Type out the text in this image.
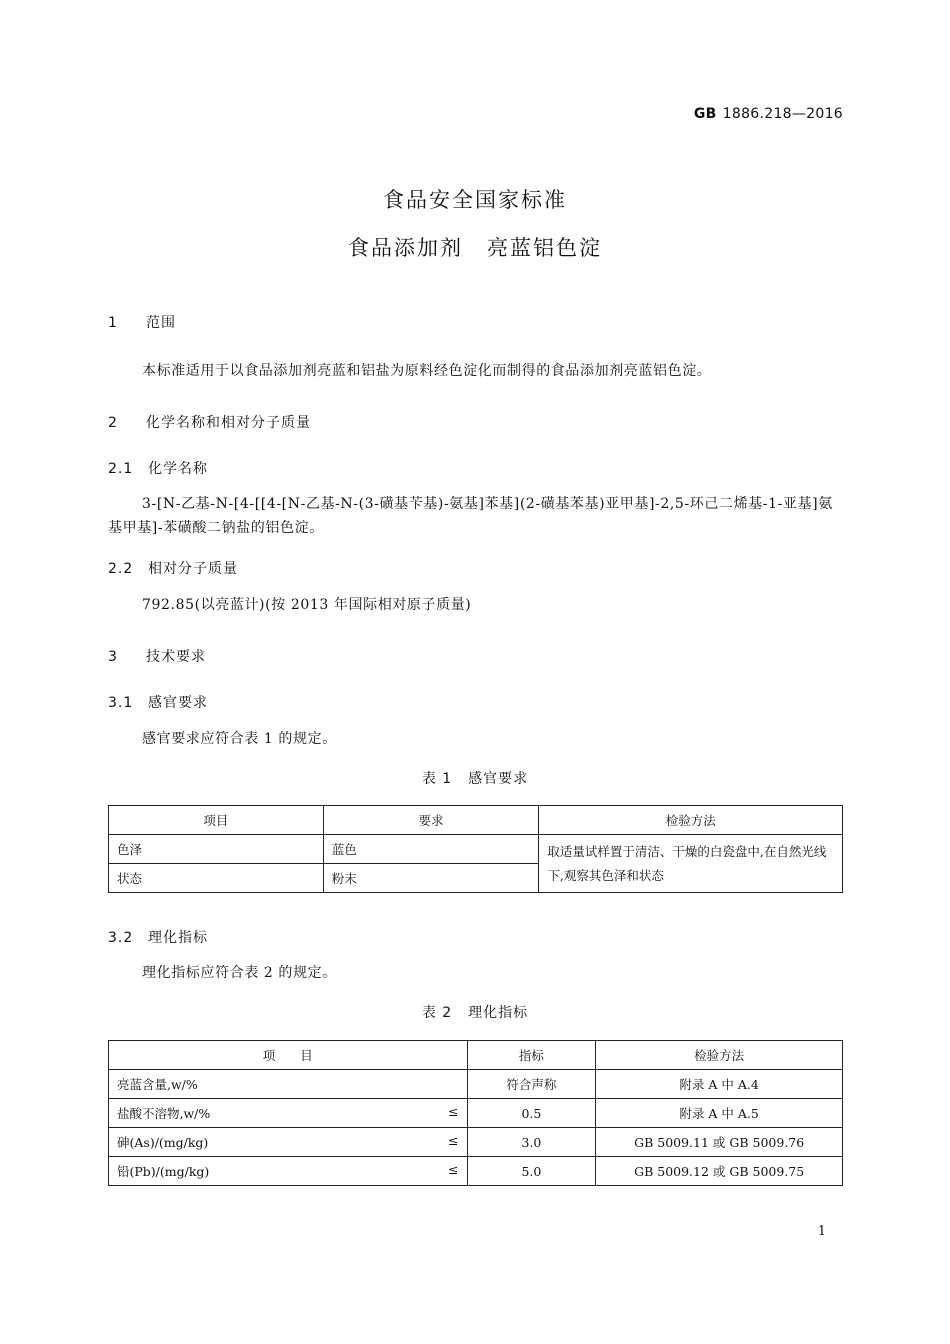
GB 1886.218—2016
食品安全国家标准
食品添加剂 亮蓝铝色淀
1 范围
本标准适用于以食品添加剂亮蓝和铝盐为原料经色淀化而制得的食品添加剂亮蓝铝色淀。
2 化学名称和相对分子质量
2.1 化学名称
3-[N-乙基-N-[4-[[4-[N-乙基-N-(3-磺基苄基)-氨基]苯基](2-磺基苯基)亚甲基]-2,5-环己二烯基-1-亚基]氨基甲基]-苯磺酸二钠盐的铝色淀。
2.2 相对分子质量
792.85(以亮蓝计)(按 2013 年国际相对原子质量)
3 技术要求
3.1 感官要求
感官要求应符合表 1 的规定。
表 1 感官要求
项目	要求	检验方法
色泽	蓝色	取适量试样置于清洁、干燥的白瓷盘中,在自然光线下,观察其色泽和状态
状态	粉末	
3.2 理化指标
理化指标应符合表 2 的规定。
表 2 理化指标
项　　目	指标	检验方法
亮蓝含量,w/%	符合声称	附录 A 中 A.4
盐酸不溶物,w/% ≤	0.5	附录 A 中 A.5
砷(As)/(mg/kg) ≤	3.0	GB 5009.11 或 GB 5009.76
铅(Pb)/(mg/kg) ≤	5.0	GB 5009.12 或 GB 5009.75
1
